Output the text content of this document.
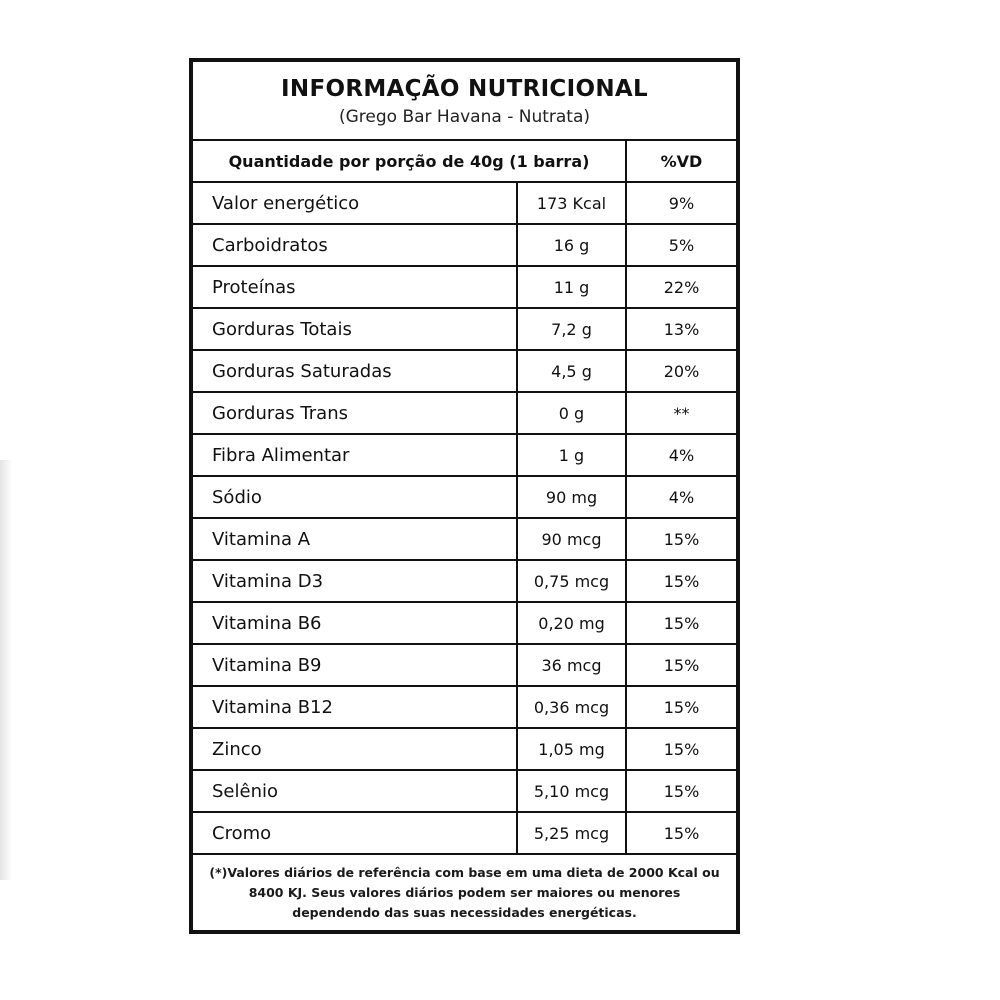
INFORMAÇÃO NUTRICIONAL
(Grego Bar Havana - Nutrata)
Quantidade por porção de 40g (1 barra)	%VD
Valor energético	173 Kcal	9%
Carboidratos	16 g	5%
Proteínas	11 g	22%
Gorduras Totais	7,2 g	13%
Gorduras Saturadas	4,5 g	20%
Gorduras Trans	0 g	**
Fibra Alimentar	1 g	4%
Sódio	90 mg	4%
Vitamina A	90 mcg	15%
Vitamina D3	0,75 mcg	15%
Vitamina B6	0,20 mg	15%
Vitamina B9	36 mcg	15%
Vitamina B12	0,36 mcg	15%
Zinco	1,05 mg	15%
Selênio	5,10 mcg	15%
Cromo	5,25 mcg	15%
(*)Valores diários de referência com base em uma dieta de 2000 Kcal ou 8400 KJ. Seus valores diários podem ser maiores ou menores dependendo das suas necessidades energéticas.
